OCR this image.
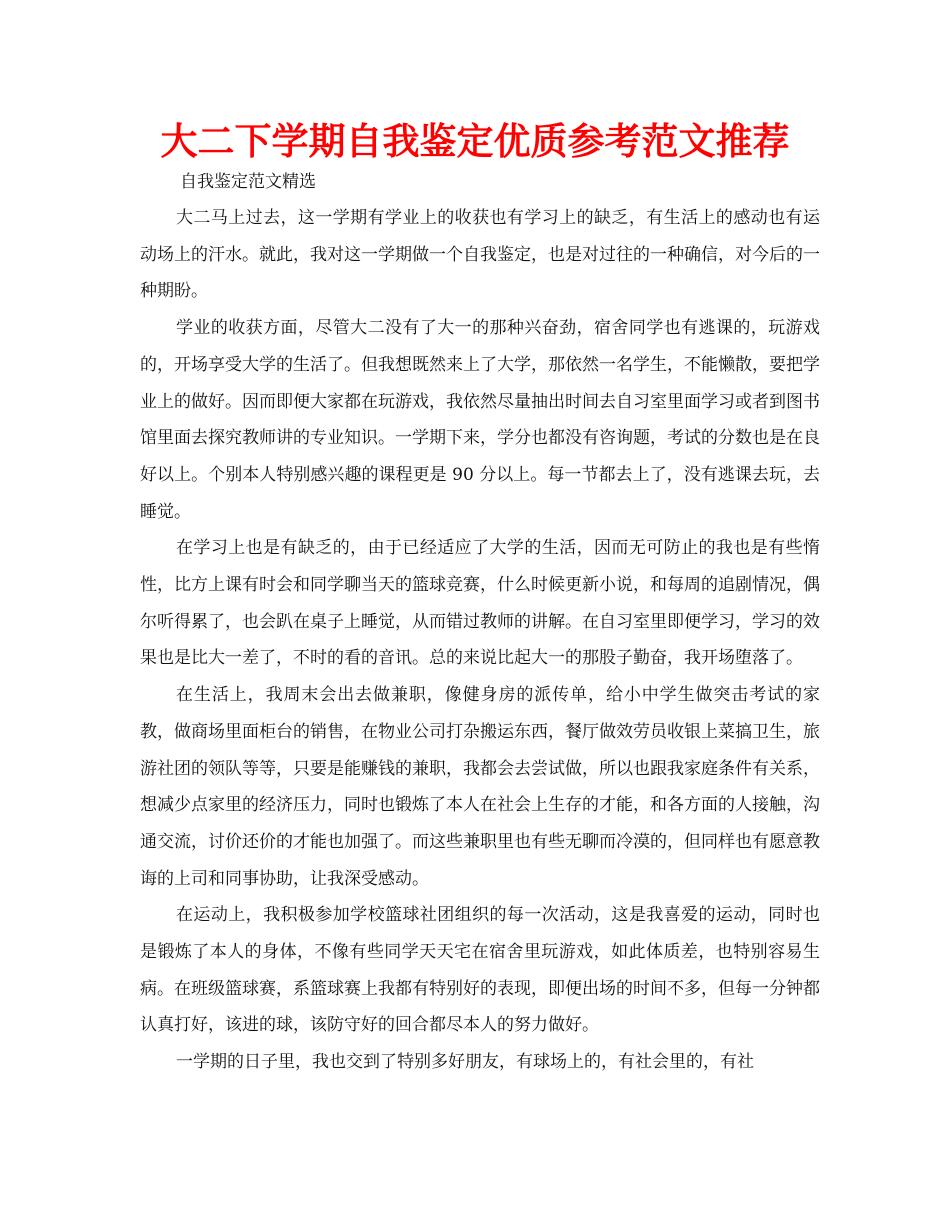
大二下学期自我鉴定优质参考范文推荐
自我鉴定范文精选

大二马上过去，这一学期有学业上的收获也有学习上的缺乏，有生活上的感动也有运动场上的汗水。就此，我对这一学期做一个自我鉴定，也是对过往的一种确信，对今后的一种期盼。

学业的收获方面，尽管大二没有了大一的那种兴奋劲，宿舍同学也有逃课的，玩游戏的，开场享受大学的生活了。但我想既然来上了大学，那依然一名学生，不能懒散，要把学业上的做好。因而即便大家都在玩游戏，我依然尽量抽出时间去自习室里面学习或者到图书馆里面去探究教师讲的专业知识。一学期下来，学分也都没有咨询题，考试的分数也是在良好以上。个别本人特别感兴趣的课程更是 90 分以上。每一节都去上了，没有逃课去玩，去睡觉。

在学习上也是有缺乏的，由于已经适应了大学的生活，因而无可防止的我也是有些惰性，比方上课有时会和同学聊当天的篮球竞赛，什么时候更新小说，和每周的追剧情况，偶尔听得累了，也会趴在桌子上睡觉，从而错过教师的讲解。在自习室里即便学习，学习的效果也是比大一差了，不时的看的音讯。总的来说比起大一的那股子勤奋，我开场堕落了。

在生活上，我周末会出去做兼职，像健身房的派传单，给小中学生做突击考试的家教，做商场里面柜台的销售，在物业公司打杂搬运东西，餐厅做效劳员收银上菜搞卫生，旅游社团的领队等等，只要是能赚钱的兼职，我都会去尝试做，所以也跟我家庭条件有关系，想减少点家里的经济压力，同时也锻炼了本人在社会上生存的才能，和各方面的人接触，沟通交流，讨价还价的才能也加强了。而这些兼职里也有些无聊而冷漠的，但同样也有愿意教诲的上司和同事协助，让我深受感动。

在运动上，我积极参加学校篮球社团组织的每一次活动，这是我喜爱的运动，同时也是锻炼了本人的身体，不像有些同学天天宅在宿舍里玩游戏，如此体质差，也特别容易生病。在班级篮球赛，系篮球赛上我都有特别好的表现，即便出场的时间不多，但每一分钟都认真打好，该进的球，该防守好的回合都尽本人的努力做好。

一学期的日子里，我也交到了特别多好朋友，有球场上的，有社会里的，有社
